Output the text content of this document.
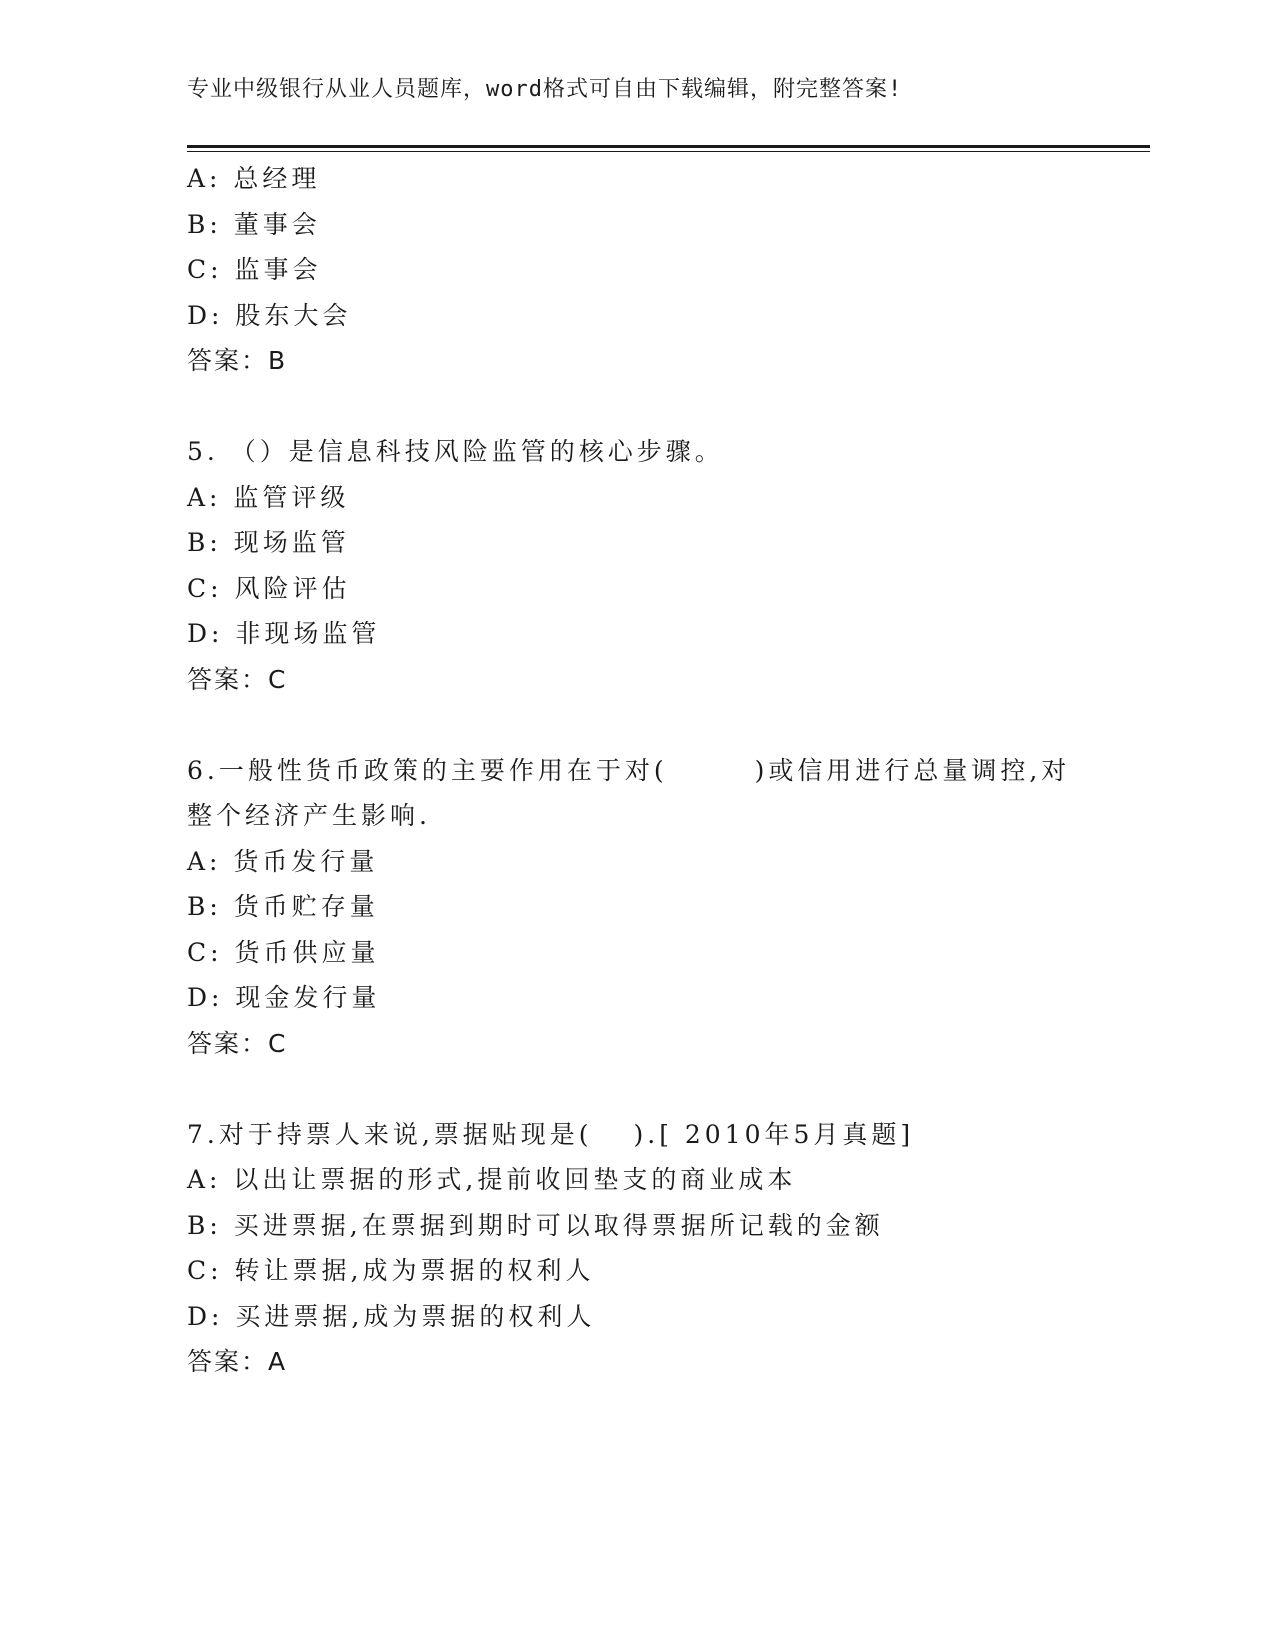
专业中级银行从业人员题库，word格式可自由下载编辑，附完整答案!
A: 总经理
B: 董事会
C: 监事会
D: 股东大会
答案：B
5. （）是信息科技风险监管的核心步骤。
A: 监管评级
B: 现场监管
C: 风险评估
D: 非现场监管
答案：C
6.一般性货币政策的主要作用在于对(　　　)或信用进行总量调控,对
整个经济产生影响.
A: 货币发行量
B: 货币贮存量
C: 货币供应量
D: 现金发行量
答案：C
7.对于持票人来说,票据贴现是(　 ).[ 2010年5月真题]
A: 以出让票据的形式,提前收回垫支的商业成本
B: 买进票据,在票据到期时可以取得票据所记载的金额
C: 转让票据,成为票据的权利人
D: 买进票据,成为票据的权利人
答案：A
